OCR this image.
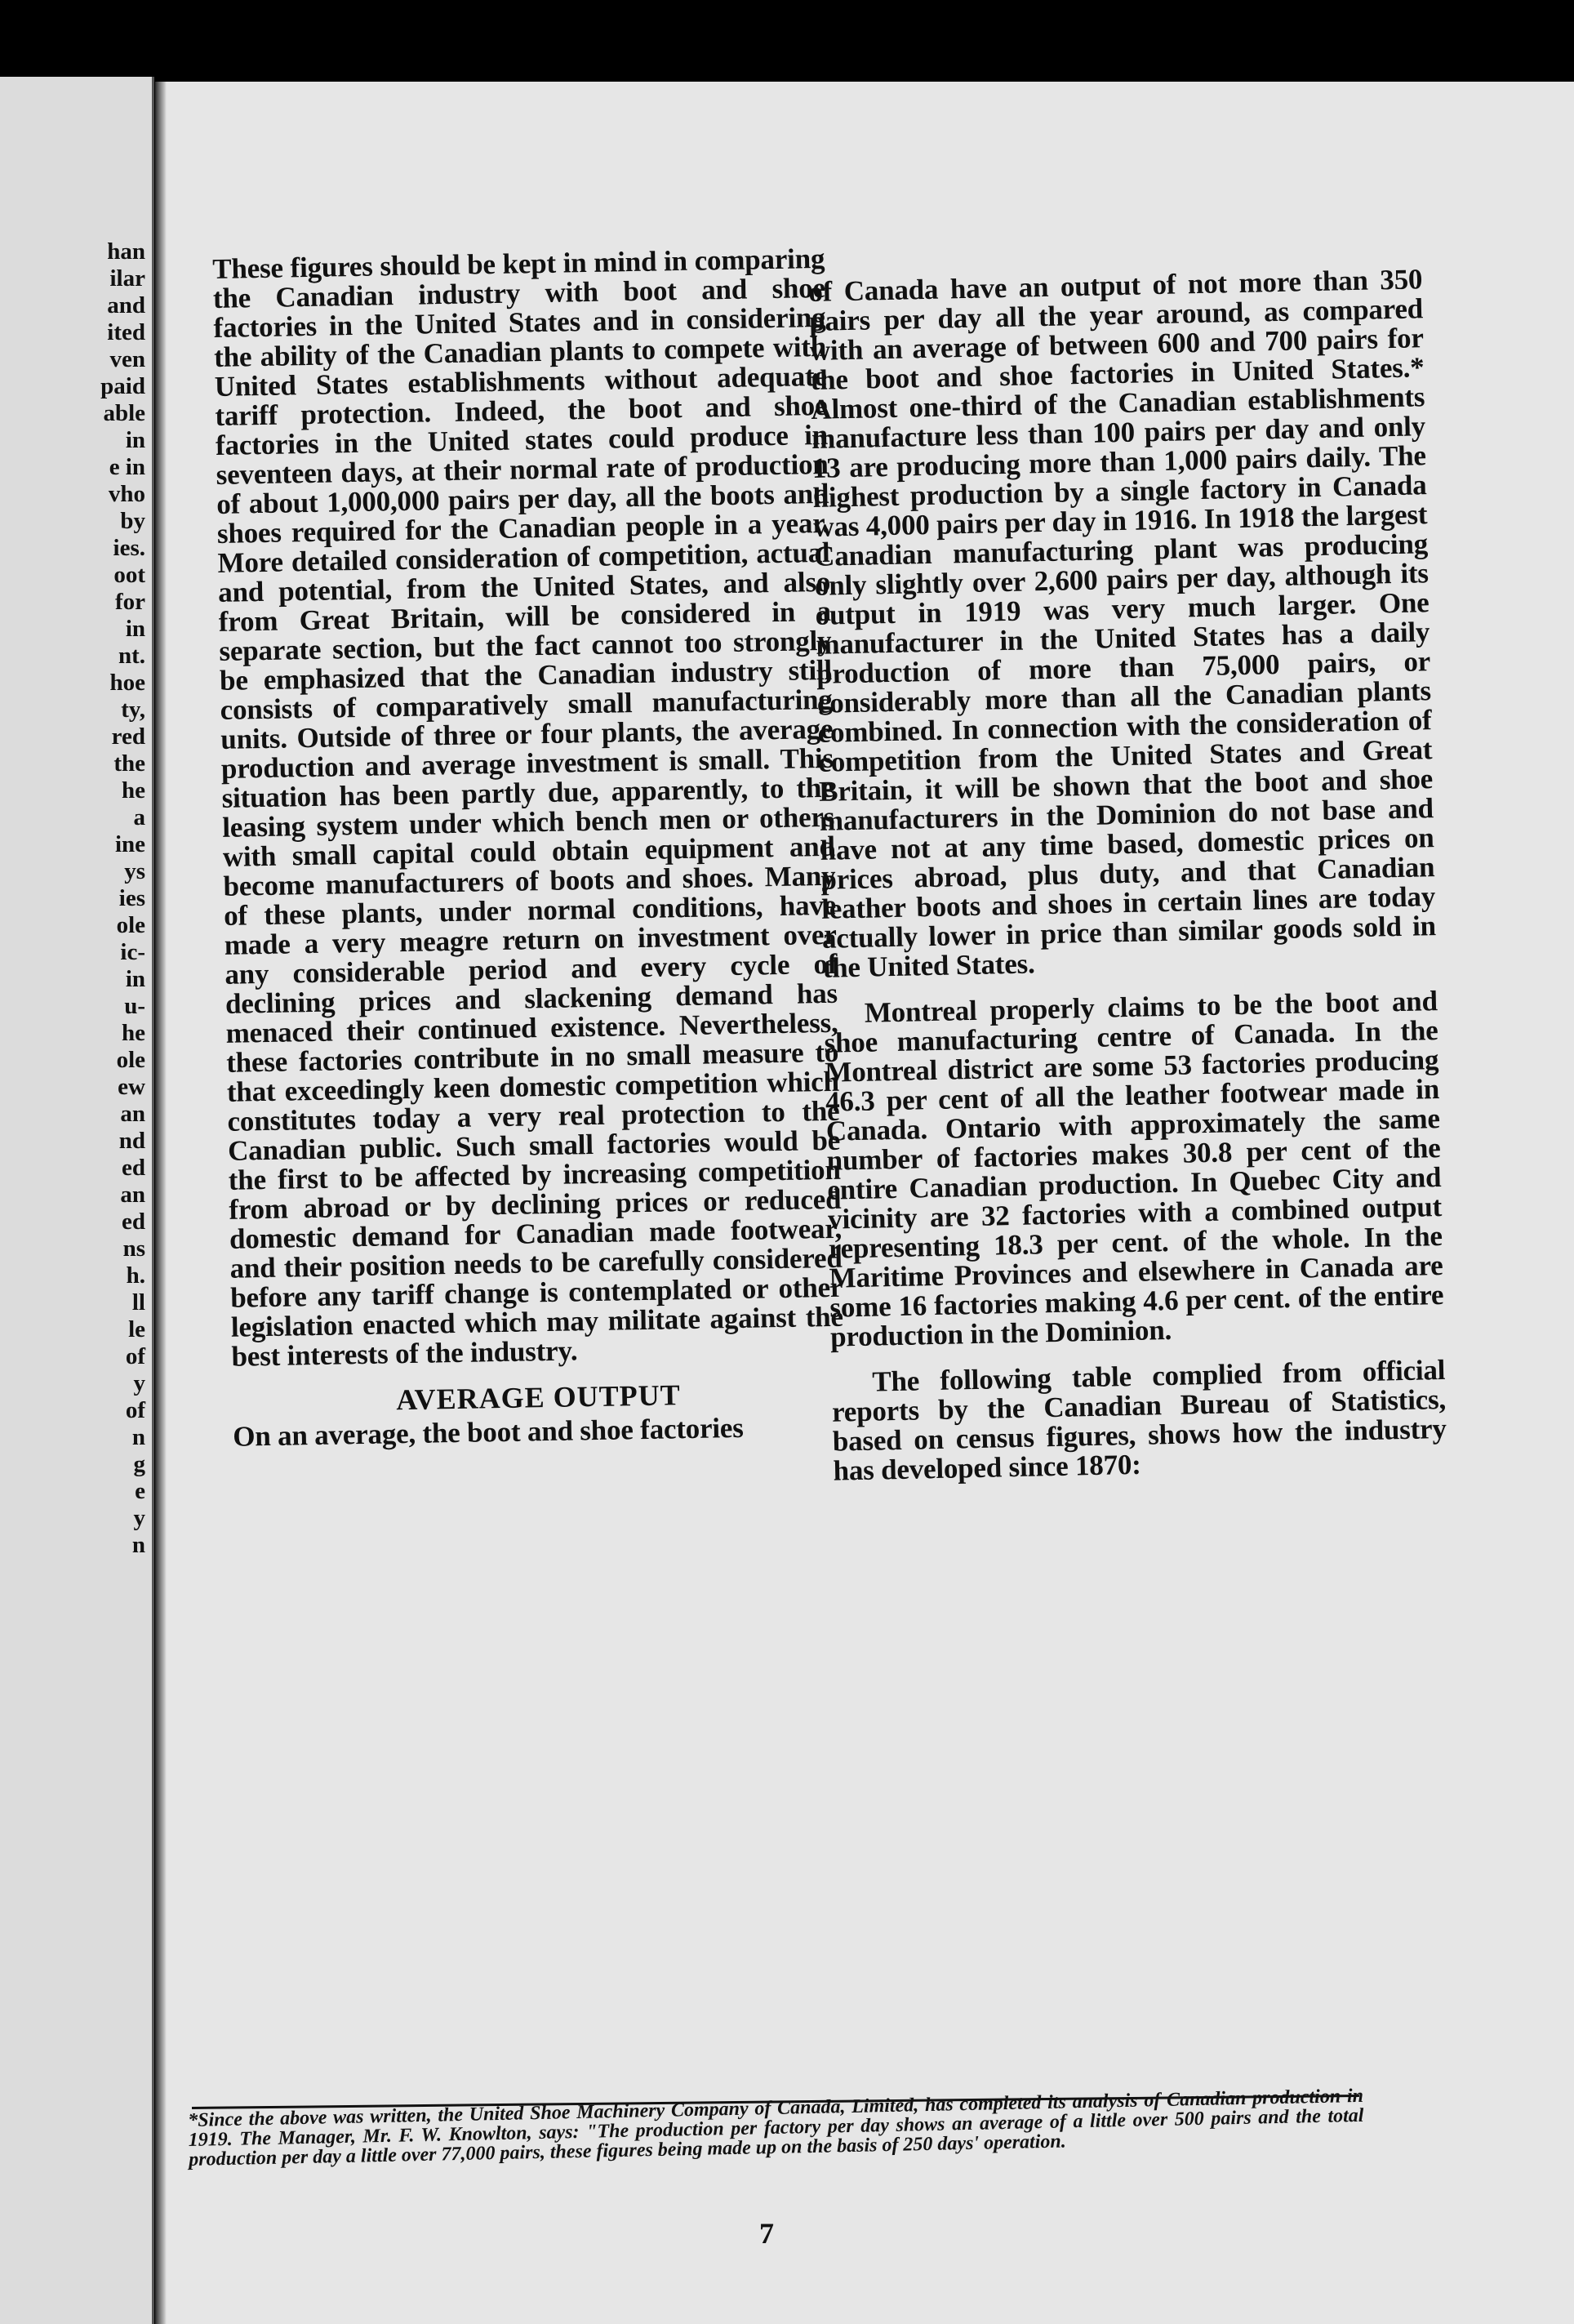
han
ilar
and
ited
ven
paid
able
in
e in
vho
by
ies.
oot
for
in
nt.
hoe
ty,
red
the
he
a
ine
ys
ies
ole
ic-
in
u-
he
ole
ew
an
nd
ed
an
ed
ns
h.
ll
le
of
y
of
n
g
e
y
n

These figures should be kept in mind in comparing the Canadian industry with boot and shoe factories in the United States and in considering the ability of the Canadian plants to compete with United States establishments without adequate tariff protection. Indeed, the boot and shoe factories in the United states could produce in seventeen days, at their normal rate of production of about 1,000,000 pairs per day, all the boots and shoes required for the Canadian people in a year. More detailed consideration of competition, actual and potential, from the United States, and also from Great Britain, will be considered in a separate section, but the fact cannot too strongly be emphasized that the Canadian industry still consists of comparatively small manufacturing units. Outside of three or four plants, the average production and average investment is small. This situation has been partly due, apparently, to the leasing system under which bench men or others with small capital could obtain equipment and become manufacturers of boots and shoes. Many of these plants, under normal conditions, have made a very meagre return on investment over any considerable period and every cycle of declining prices and slackening demand has menaced their continued existence. Nevertheless, these factories contribute in no small measure to that exceedingly keen domestic competition which constitutes today a very real protection to the Canadian public. Such small factories would be the first to be affected by increasing competition from abroad or by declining prices or reduced domestic demand for Canadian made footwear, and their position needs to be carefully considered before any tariff change is contemplated or other legislation enacted which may militate against the best interests of the industry.

AVERAGE OUTPUT

On an average, the boot and shoe factories

of Canada have an output of not more than 350 pairs per day all the year around, as compared with an average of between 600 and 700 pairs for the boot and shoe factories in United States.* Almost one-third of the Canadian establishments manufacture less than 100 pairs per day and only 13 are producing more than 1,000 pairs daily. The highest production by a single factory in Canada was 4,000 pairs per day in 1916. In 1918 the largest Canadian manufacturing plant was producing only slightly over 2,600 pairs per day, although its output in 1919 was very much larger. One manufacturer in the United States has a daily production of more than 75,000 pairs, or considerably more than all the Canadian plants combined. In connection with the consideration of competition from the United States and Great Britain, it will be shown that the boot and shoe manufacturers in the Dominion do not base and have not at any time based, domestic prices on prices abroad, plus duty, and that Canadian leather boots and shoes in certain lines are today actually lower in price than similar goods sold in the United States.

Montreal properly claims to be the boot and shoe manufacturing centre of Canada. In the Montreal district are some 53 factories producing 46.3 per cent of all the leather footwear made in Canada. Ontario with approximately the same number of factories makes 30.8 per cent of the entire Canadian production. In Quebec City and vicinity are 32 factories with a combined output representing 18.3 per cent. of the whole. In the Maritime Provinces and elsewhere in Canada are some 16 factories making 4.6 per cent. of the entire production in the Dominion.

The following table complied from official reports by the Canadian Bureau of Statistics, based on census figures, shows how the industry has developed since 1870:

*Since the above was written, the United Shoe Machinery Company of Canada, Limited, has completed its analysis of Canadian production in 1919. The Manager, Mr. F. W. Knowlton, says: "The production per factory per day shows an average of a little over 500 pairs and the total production per day a little over 77,000 pairs, these figures being made up on the basis of 250 days' operation.
7
